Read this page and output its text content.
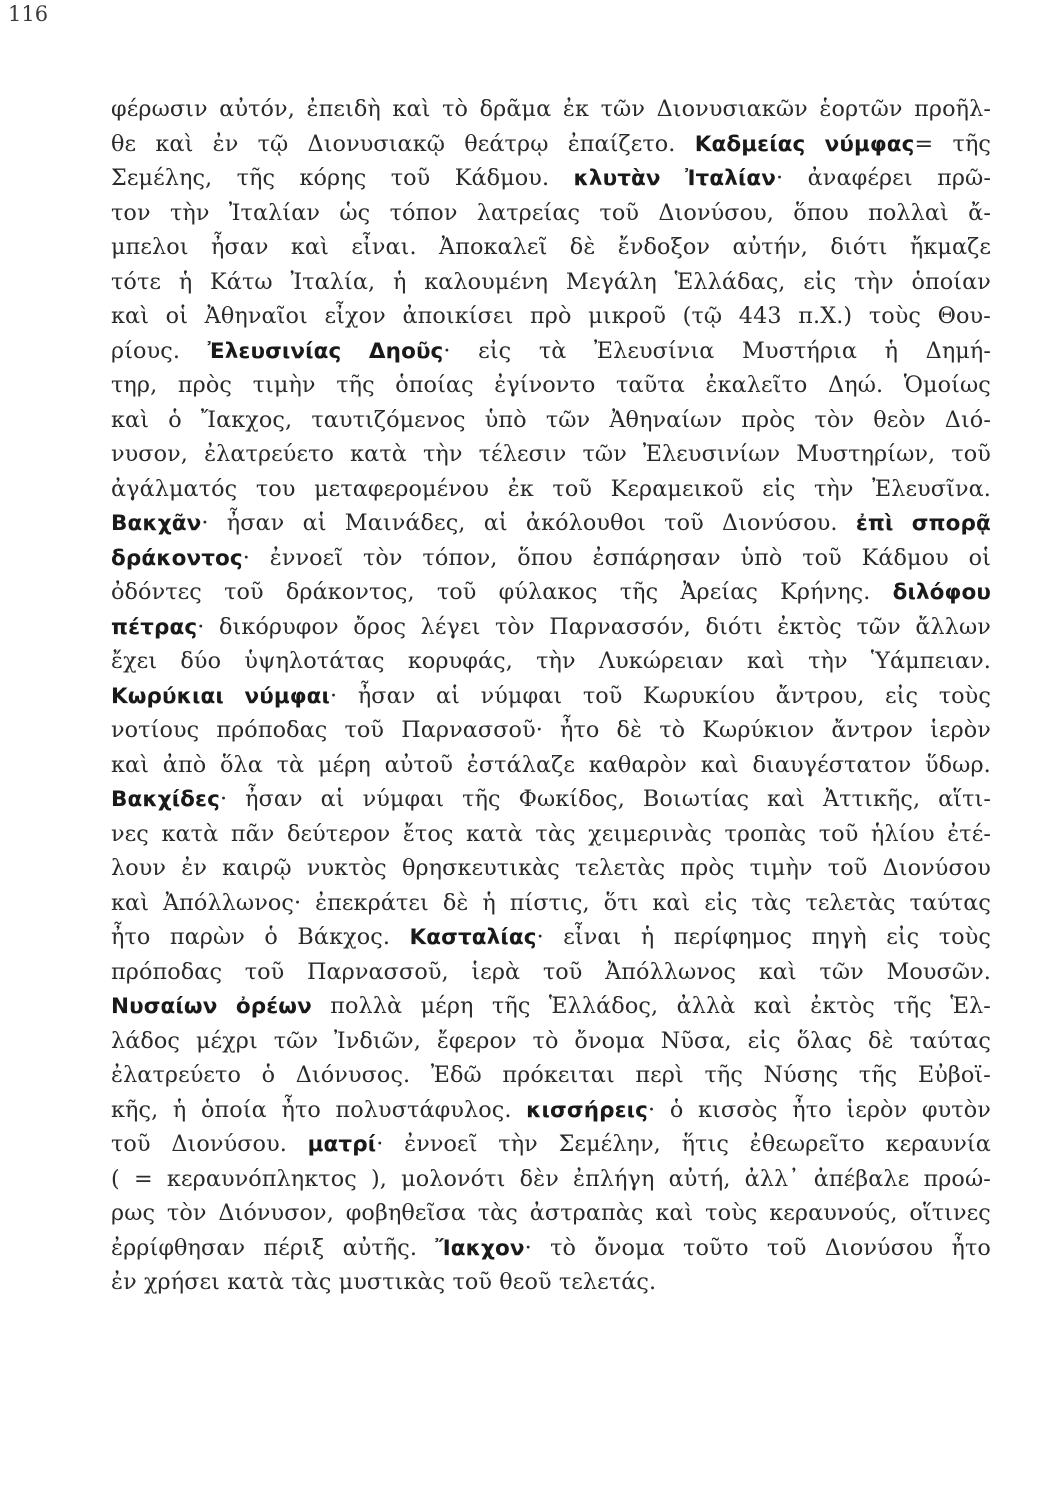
116
φέρωσιν αὐτόν, ἐπειδὴ καὶ τὸ δρᾶμα ἐκ τῶν Διονυσιακῶν ἑορτῶν προῆλ-
θε καὶ ἐν τῷ Διονυσιακῷ θεάτρῳ ἐπαίζετο. Καδμείας νύμφας= τῆς
Σεμέλης, τῆς κόρης τοῦ Κάδμου. κλυτὰν Ἰταλίαν· ἀναφέρει πρῶ-
τον τὴν Ἰταλίαν ὡς τόπον λατρείας τοῦ Διονύσου, ὅπου πολλαὶ ἄ-
μπελοι ἦσαν καὶ εἶναι. Ἀποκαλεῖ δὲ ἔνδοξον αὐτήν, διότι ἤκμαζε
τότε ἡ Κάτω Ἰταλία, ἡ καλουμένη Μεγάλη Ἑλλάδας, εἰς τὴν ὁποίαν
καὶ οἱ Ἀθηναῖοι εἶχον ἀποικίσει πρὸ μικροῦ (τῷ 443 π.Χ.) τοὺς Θου-
ρίους. Ἐλευσινίας Δηοῦς· εἰς τὰ Ἐλευσίνια Μυστήρια ἡ Δημή-
τηρ, πρὸς τιμὴν τῆς ὁποίας ἐγίνοντο ταῦτα ἐκαλεῖτο Δηώ. Ὁμοίως
καὶ ὁ Ἴακχος, ταυτιζόμενος ὑπὸ τῶν Ἀθηναίων πρὸς τὸν θεὸν Διό-
νυσον, ἐλατρεύετο κατὰ τὴν τέλεσιν τῶν Ἐλευσινίων Μυστηρίων, τοῦ
ἀγάλματός του μεταφερομένου ἐκ τοῦ Κεραμεικοῦ εἰς τὴν Ἐλευσῖνα.
Βακχᾶν· ἦσαν αἱ Μαινάδες, αἱ ἀκόλουθοι τοῦ Διονύσου. ἐπὶ σπορᾷ
δράκοντος· ἐννοεῖ τὸν τόπον, ὅπου ἐσπάρησαν ὑπὸ τοῦ Κάδμου οἱ
ὀδόντες τοῦ δράκοντος, τοῦ φύλακος τῆς Ἀρείας Κρήνης. διλόφου
πέτρας· δικόρυφον ὄρος λέγει τὸν Παρνασσόν, διότι ἐκτὸς τῶν ἄλλων
ἔχει δύο ὑψηλοτάτας κορυφάς, τὴν Λυκώρειαν καὶ τὴν Ὑάμπειαν.
Κωρύκιαι νύμφαι· ἦσαν αἱ νύμφαι τοῦ Κωρυκίου ἄντρου, εἰς τοὺς
νοτίους πρόποδας τοῦ Παρνασσοῦ· ἦτο δὲ τὸ Κωρύκιον ἄντρον ἱερὸν
καὶ ἀπὸ ὅλα τὰ μέρη αὐτοῦ ἐστάλαζε καθαρὸν καὶ διαυγέστατον ὕδωρ.
Βακχίδες· ἦσαν αἱ νύμφαι τῆς Φωκίδος, Βοιωτίας καὶ Ἀττικῆς, αἵτι-
νες κατὰ πᾶν δεύτερον ἔτος κατὰ τὰς χειμερινὰς τροπὰς τοῦ ἡλίου ἐτέ-
λουν ἐν καιρῷ νυκτὸς θρησκευτικὰς τελετὰς πρὸς τιμὴν τοῦ Διονύσου
καὶ Ἀπόλλωνος· ἐπεκράτει δὲ ἡ πίστις, ὅτι καὶ εἰς τὰς τελετὰς ταύτας
ἦτο παρὼν ὁ Βάκχος. Κασταλίας· εἶναι ἡ περίφημος πηγὴ εἰς τοὺς
πρόποδας τοῦ Παρνασσοῦ, ἱερὰ τοῦ Ἀπόλλωνος καὶ τῶν Μουσῶν.
Νυσαίων ὀρέων πολλὰ μέρη τῆς Ἑλλάδος, ἀλλὰ καὶ ἐκτὸς τῆς Ἑλ-
λάδος μέχρι τῶν Ἰνδιῶν, ἔφερον τὸ ὄνομα Νῦσα, εἰς ὅλας δὲ ταύτας
ἐλατρεύετο ὁ Διόνυσος. Ἐδῶ πρόκειται περὶ τῆς Νύσης τῆς Εὐβοϊ-
κῆς, ἡ ὁποία ἦτο πολυστάφυλος. κισσήρεις· ὁ κισσὸς ἦτο ἱερὸν φυτὸν
τοῦ Διονύσου. ματρί· ἐννοεῖ τὴν Σεμέλην, ἥτις ἐθεωρεῖτο κεραυνία
( = κεραυνόπληκτος ), μολονότι δὲν ἐπλήγη αὐτή, ἀλλ᾽ ἀπέβαλε προώ-
ρως τὸν Διόνυσον, φοβηθεῖσα τὰς ἀστραπὰς καὶ τοὺς κεραυνούς, οἵτινες
ἐρρίφθησαν πέριξ αὐτῆς. Ἴακχον· τὸ ὄνομα τοῦτο τοῦ Διονύσου ἦτο
ἐν χρήσει κατὰ τὰς μυστικὰς τοῦ θεοῦ τελετάς.
